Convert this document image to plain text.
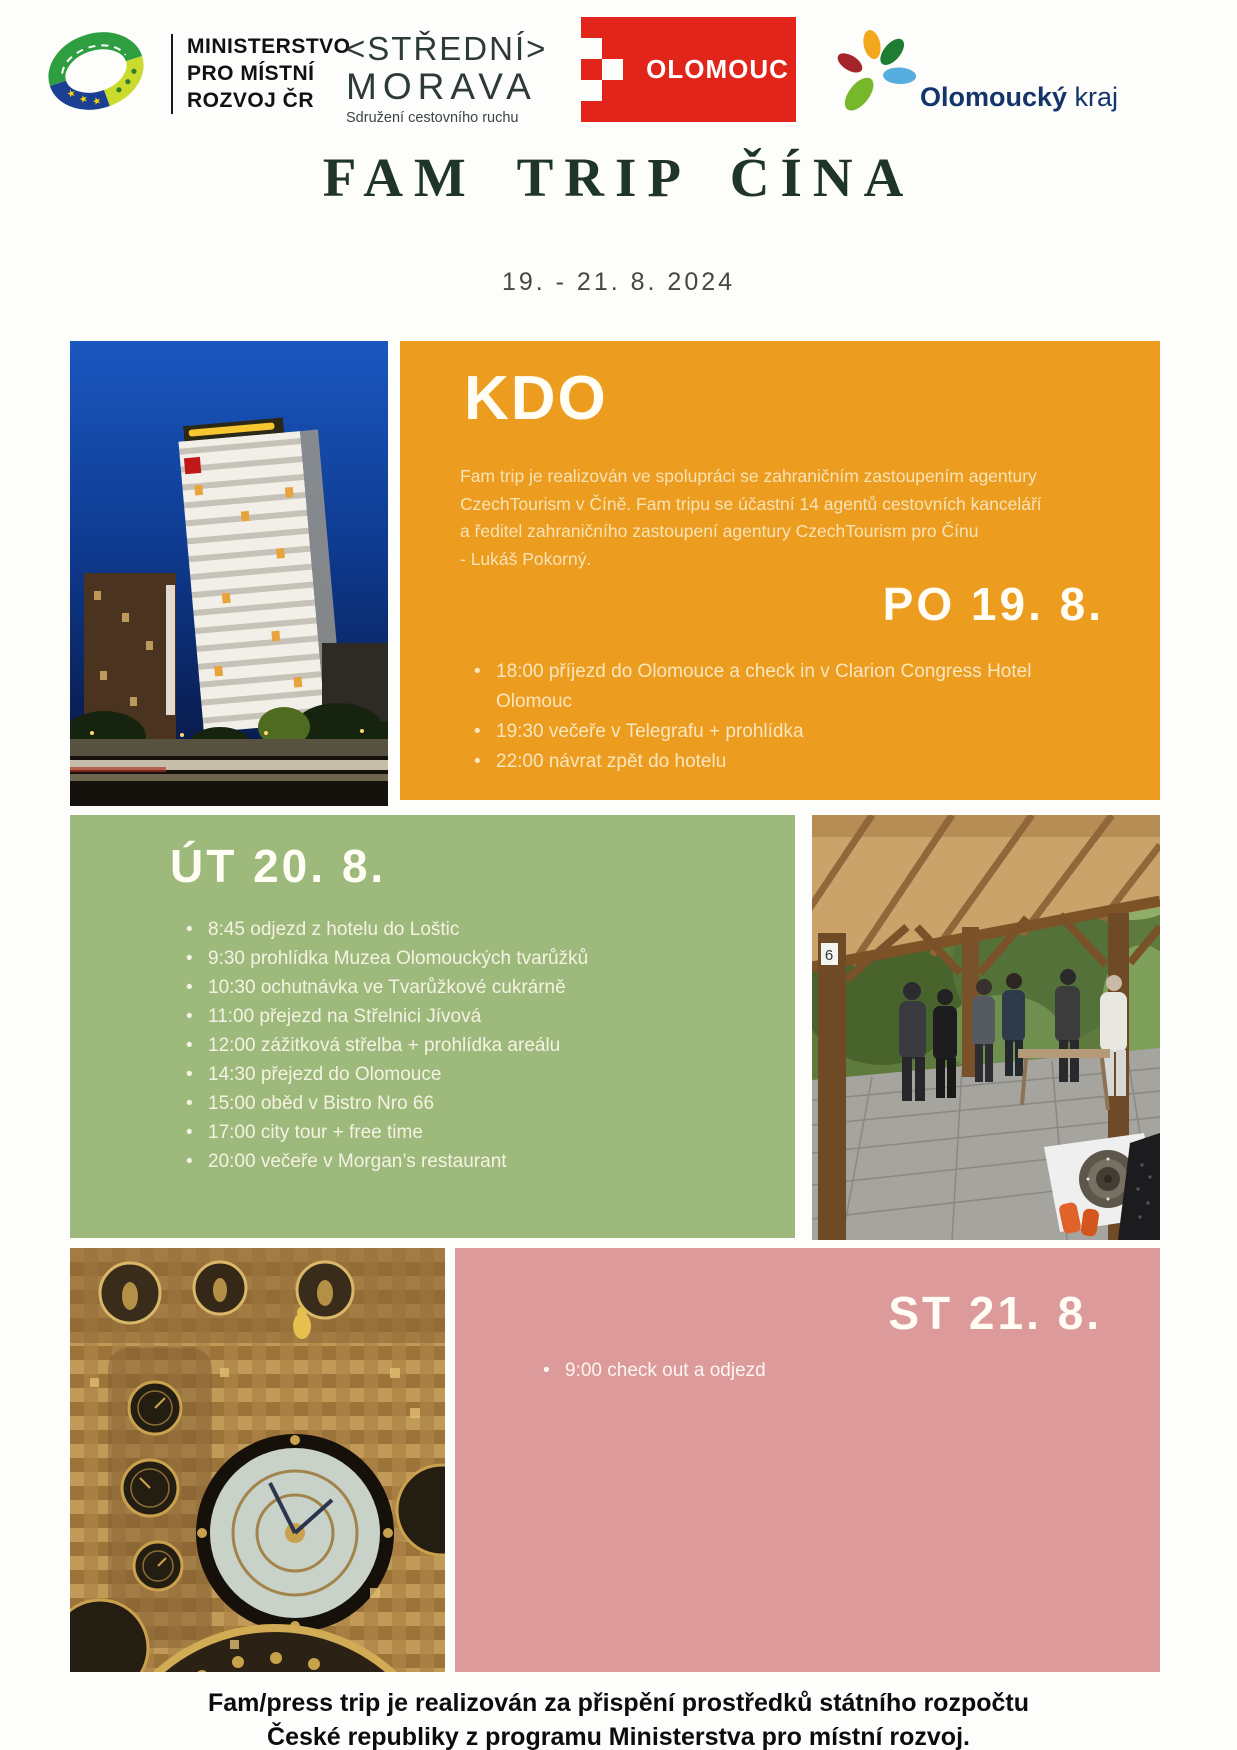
★ ★ ★
MINISTERSTVO
PRO MÍSTNÍ
ROZVOJ ČR
<STŘEDNÍ>
MORAVA
Sdružení cestovního ruchu
OLOMOUC
Olomoucký kraj
FAM TRIP ČÍNA
19. - 21. 8. 2024
KDO
Fam trip je realizován ve spolupráci se zahraničním zastoupením agentury
CzechTourism v Číně. Fam tripu se účastní 14 agentů cestovních kanceláří
a ředitel zahraničního zastoupení agentury CzechTourism pro Čínu
- Lukáš Pokorný.
PO 19. 8.
• 18:00 příjezd do Olomouce a check in v Clarion Congress Hotel Olomouc
• 19:30 večeře v Telegrafu + prohlídka
• 22:00 návrat zpět do hotelu
ÚT 20. 8.
• 8:45 odjezd z hotelu do Loštic
• 9:30 prohlídka Muzea Olomouckých tvarůžků
• 10:30 ochutnávka ve Tvarůžkové cukrárně
• 11:00 přejezd na Střelnici Jívová
• 12:00 zážitková střelba + prohlídka areálu
• 14:30 přejezd do Olomouce
• 15:00 oběd v Bistro Nro 66
• 17:00 city tour + free time
• 20:00 večeře v Morgan’s restaurant
6
ST 21. 8.
• 9:00 check out a odjezd
Fam/press trip je realizován za přispění prostředků státního rozpočtu
České republiky z programu Ministerstva pro místní rozvoj.
